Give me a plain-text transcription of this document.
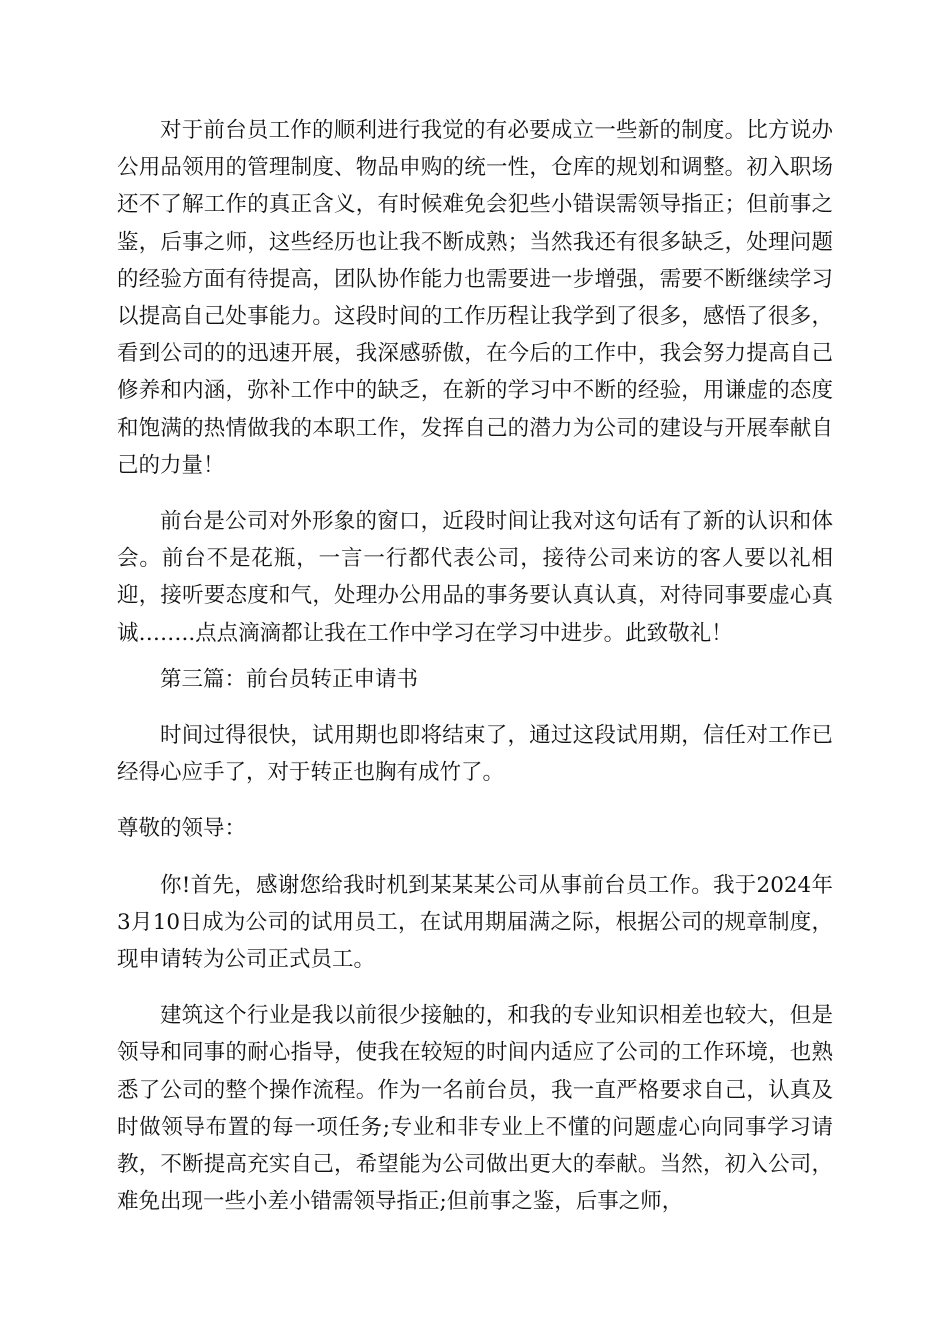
对于前台员工作的顺利进行我觉的有必要成立一些新的制度。比方说办公用品领用的管理制度、物品申购的统一性，仓库的规划和调整。初入职场还不了解工作的真正含义，有时候难免会犯些小错误需领导指正；但前事之鉴，后事之师，这些经历也让我不断成熟；当然我还有很多缺乏，处理问题的经验方面有待提高，团队协作能力也需要进一步增强，需要不断继续学习以提高自己处事能力。这段时间的工作历程让我学到了很多，感悟了很多，看到公司的的迅速开展，我深感骄傲，在今后的工作中，我会努力提高自己修养和内涵，弥补工作中的缺乏，在新的学习中不断的经验，用谦虚的态度和饱满的热情做我的本职工作，发挥自己的潜力为公司的建设与开展奉献自己的力量！

前台是公司对外形象的窗口，近段时间让我对这句话有了新的认识和体会。前台不是花瓶，一言一行都代表公司，接待公司来访的客人要以礼相迎，接听要态度和气，处理办公用品的事务要认真认真，对待同事要虚心真诚……..点点滴滴都让我在工作中学习在学习中进步。此致敬礼！

第三篇：前台员转正申请书

时间过得很快，试用期也即将结束了，通过这段试用期，信任对工作已经得心应手了，对于转正也胸有成竹了。

尊敬的领导：

你!首先，感谢您给我时机到某某某公司从事前台员工作。我于2024年3月10日成为公司的试用员工，在试用期届满之际，根据公司的规章制度，现申请转为公司正式员工。

建筑这个行业是我以前很少接触的，和我的专业知识相差也较大，但是领导和同事的耐心指导，使我在较短的时间内适应了公司的工作环境，也熟悉了公司的整个操作流程。作为一名前台员，我一直严格要求自己，认真及时做领导布置的每一项任务;专业和非专业上不懂的问题虚心向同事学习请教，不断提高充实自己，希望能为公司做出更大的奉献。当然，初入公司，难免出现一些小差小错需领导指正;但前事之鉴，后事之师，
